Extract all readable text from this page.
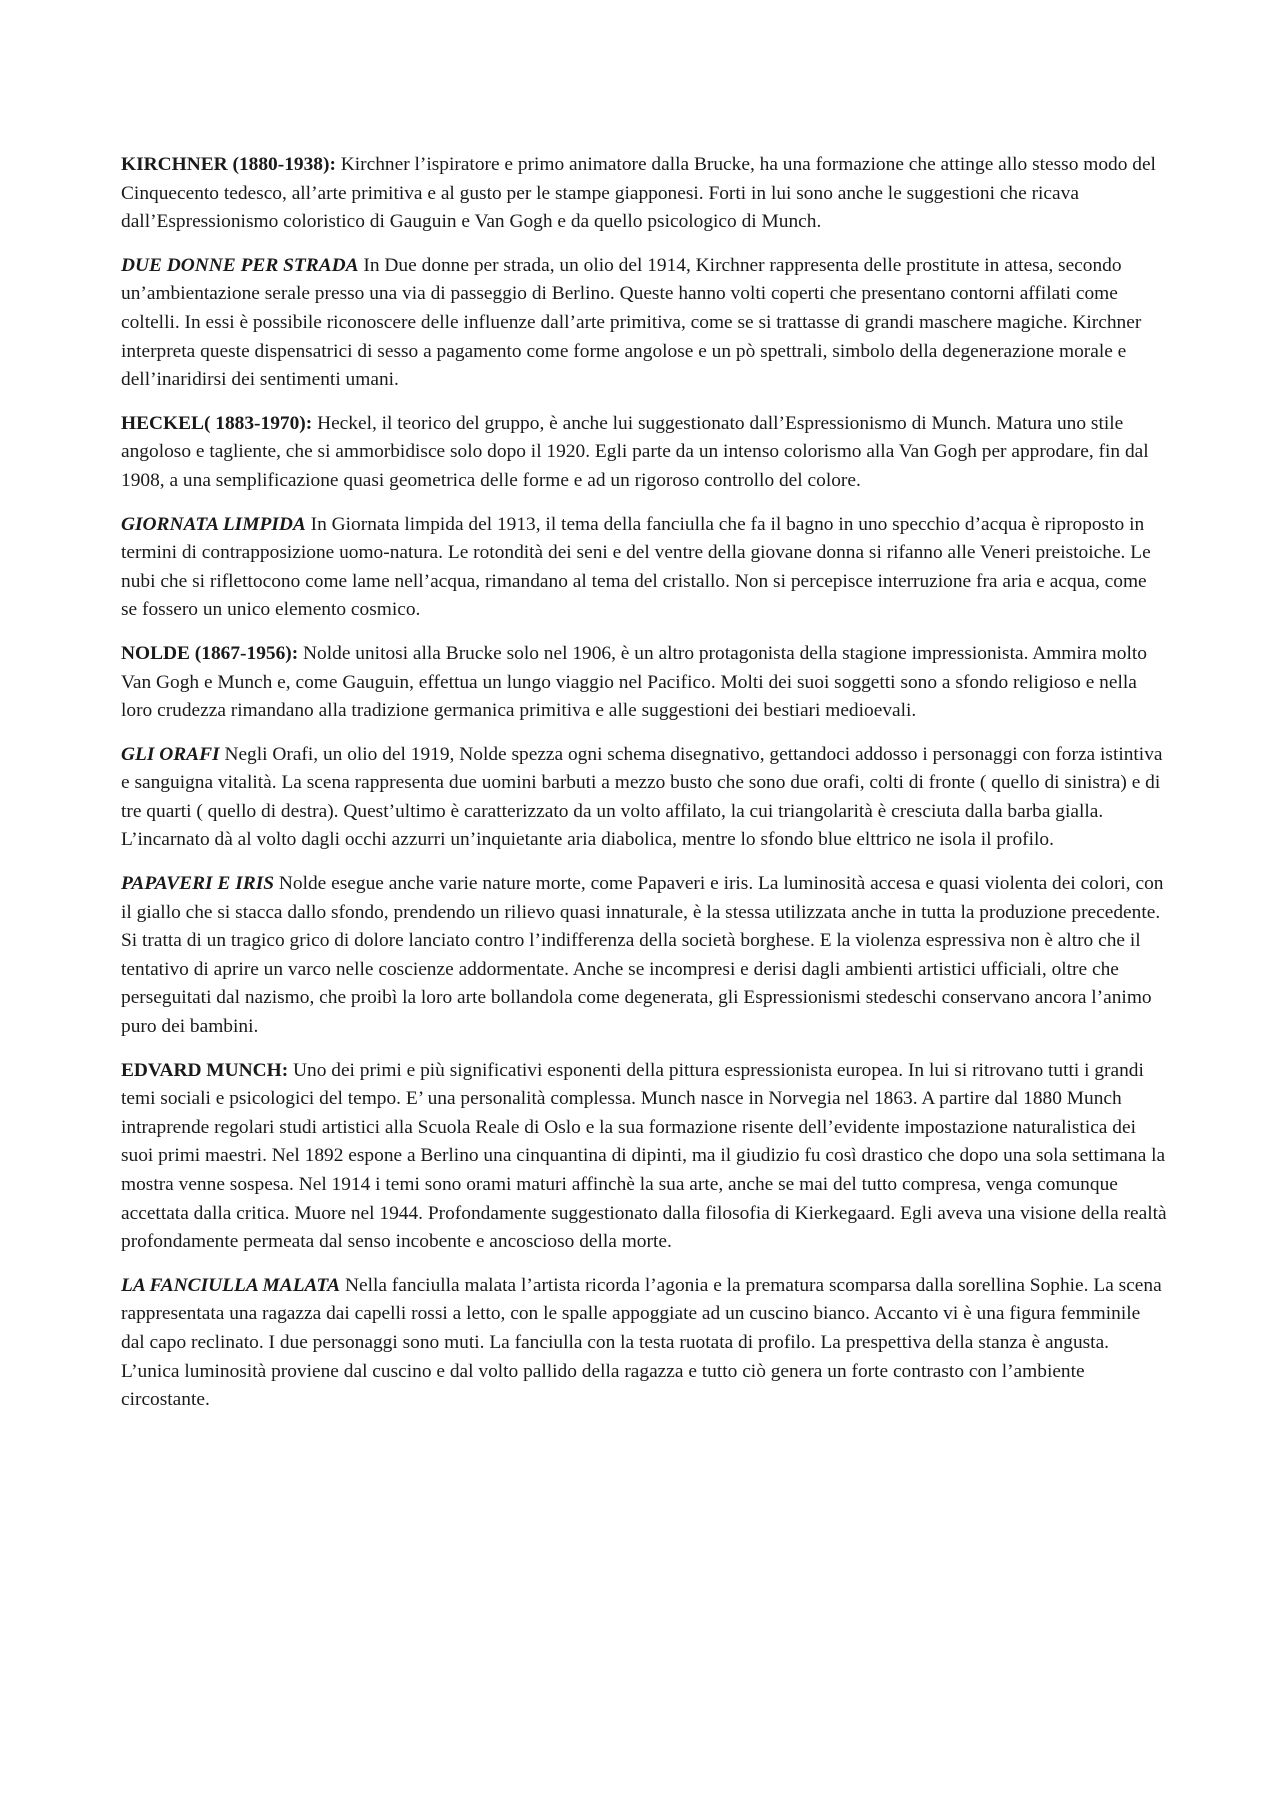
KIRCHNER (1880-1938): Kirchner l’ispiratore e primo animatore dalla Brucke, ha una formazione che attinge allo stesso modo del Cinquecento tedesco, all’arte primitiva e al gusto per le stampe giapponesi. Forti in lui sono anche le suggestioni che ricava dall’Espressionismo coloristico di Gauguin e Van Gogh e da quello psicologico di Munch.

DUE DONNE PER STRADA In Due donne per strada, un olio del 1914, Kirchner rappresenta delle prostitute in attesa, secondo un’ambientazione serale presso una via di passeggio di Berlino. Queste hanno volti coperti che presentano contorni affilati come coltelli. In essi è possibile riconoscere delle influenze dall’arte primitiva, come se si trattasse di grandi maschere magiche. Kirchner interpreta queste dispensatrici di sesso a pagamento come forme angolose e un pò spettrali, simbolo della degenerazione morale e dell’inaridirsi dei sentimenti umani.

HECKEL( 1883-1970): Heckel, il teorico del gruppo, è anche lui suggestionato dall’Espressionismo di Munch. Matura uno stile angoloso e tagliente, che si ammorbidisce solo dopo il 1920. Egli parte da un intenso colorismo alla Van Gogh per approdare, fin dal 1908, a una semplificazione quasi geometrica delle forme e ad un rigoroso controllo del colore.

GIORNATA LIMPIDA In Giornata limpida del 1913, il tema della fanciulla che fa il bagno in uno specchio d’acqua è riproposto in termini di contrapposizione uomo-natura. Le rotondità dei seni e del ventre della giovane donna si rifanno alle Veneri preistoiche. Le nubi che si riflettocono come lame nell’acqua, rimandano al tema del cristallo. Non si percepisce interruzione fra aria e acqua, come se fossero un unico elemento cosmico.

NOLDE (1867-1956): Nolde unitosi alla Brucke solo nel 1906, è un altro protagonista della stagione impressionista. Ammira molto Van Gogh e Munch e, come Gauguin, effettua un lungo viaggio nel Pacifico. Molti dei suoi soggetti sono a sfondo religioso e nella loro crudezza rimandano alla tradizione germanica primitiva e alle suggestioni dei bestiari medioevali.

GLI ORAFI Negli Orafi, un olio del 1919, Nolde spezza ogni schema disegnativo, gettandoci addosso i personaggi con forza istintiva e sanguigna vitalità. La scena rappresenta due uomini barbuti a mezzo busto che sono due orafi, colti di fronte ( quello di sinistra) e di tre quarti ( quello di destra). Quest’ultimo è caratterizzato da un volto affilato, la cui triangolarità è cresciuta dalla barba gialla. L’incarnato dà al volto dagli occhi azzurri un’inquietante aria diabolica, mentre lo sfondo blue elttrico ne isola il profilo.

PAPAVERI E IRIS Nolde esegue anche varie nature morte, come Papaveri e iris. La luminosità accesa e quasi violenta dei colori, con il giallo che si stacca dallo sfondo, prendendo un rilievo quasi innaturale, è la stessa utilizzata anche in tutta la produzione precedente. Si tratta di un tragico grico di dolore lanciato contro l’indifferenza della società borghese. E la violenza espressiva non è altro che il tentativo di aprire un varco nelle coscienze addormentate. Anche se incompresi e derisi dagli ambienti artistici ufficiali, oltre che perseguitati dal nazismo, che proibì la loro arte bollandola come degenerata, gli Espressionismi stedeschi conservano ancora l’animo puro dei bambini.

EDVARD MUNCH: Uno dei primi e più significativi esponenti della pittura espressionista europea. In lui si ritrovano tutti i grandi temi sociali e psicologici del tempo. E’ una personalità complessa. Munch nasce in Norvegia nel 1863. A partire dal 1880 Munch intraprende regolari studi artistici alla Scuola Reale di Oslo e la sua formazione risente dell’evidente impostazione naturalistica dei suoi primi maestri. Nel 1892 espone a Berlino una cinquantina di dipinti, ma il giudizio fu così drastico che dopo una sola settimana la mostra venne sospesa. Nel 1914 i temi sono orami maturi affinchè la sua arte, anche se mai del tutto compresa, venga comunque accettata dalla critica. Muore nel 1944. Profondamente suggestionato dalla filosofia di Kierkegaard. Egli aveva una visione della realtà profondamente permeata dal senso incobente e ancoscioso della morte.

LA FANCIULLA MALATA Nella fanciulla malata l’artista ricorda l’agonia e la prematura scomparsa dalla sorellina Sophie. La scena rappresentata una ragazza dai capelli rossi a letto, con le spalle appoggiate ad un cuscino bianco. Accanto vi è una figura femminile dal capo reclinato. I due personaggi sono muti. La fanciulla con la testa ruotata di profilo. La prespettiva della stanza è angusta. L’unica luminosità proviene dal cuscino e dal volto pallido della ragazza e tutto ciò genera un forte contrasto con l’ambiente circostante.
